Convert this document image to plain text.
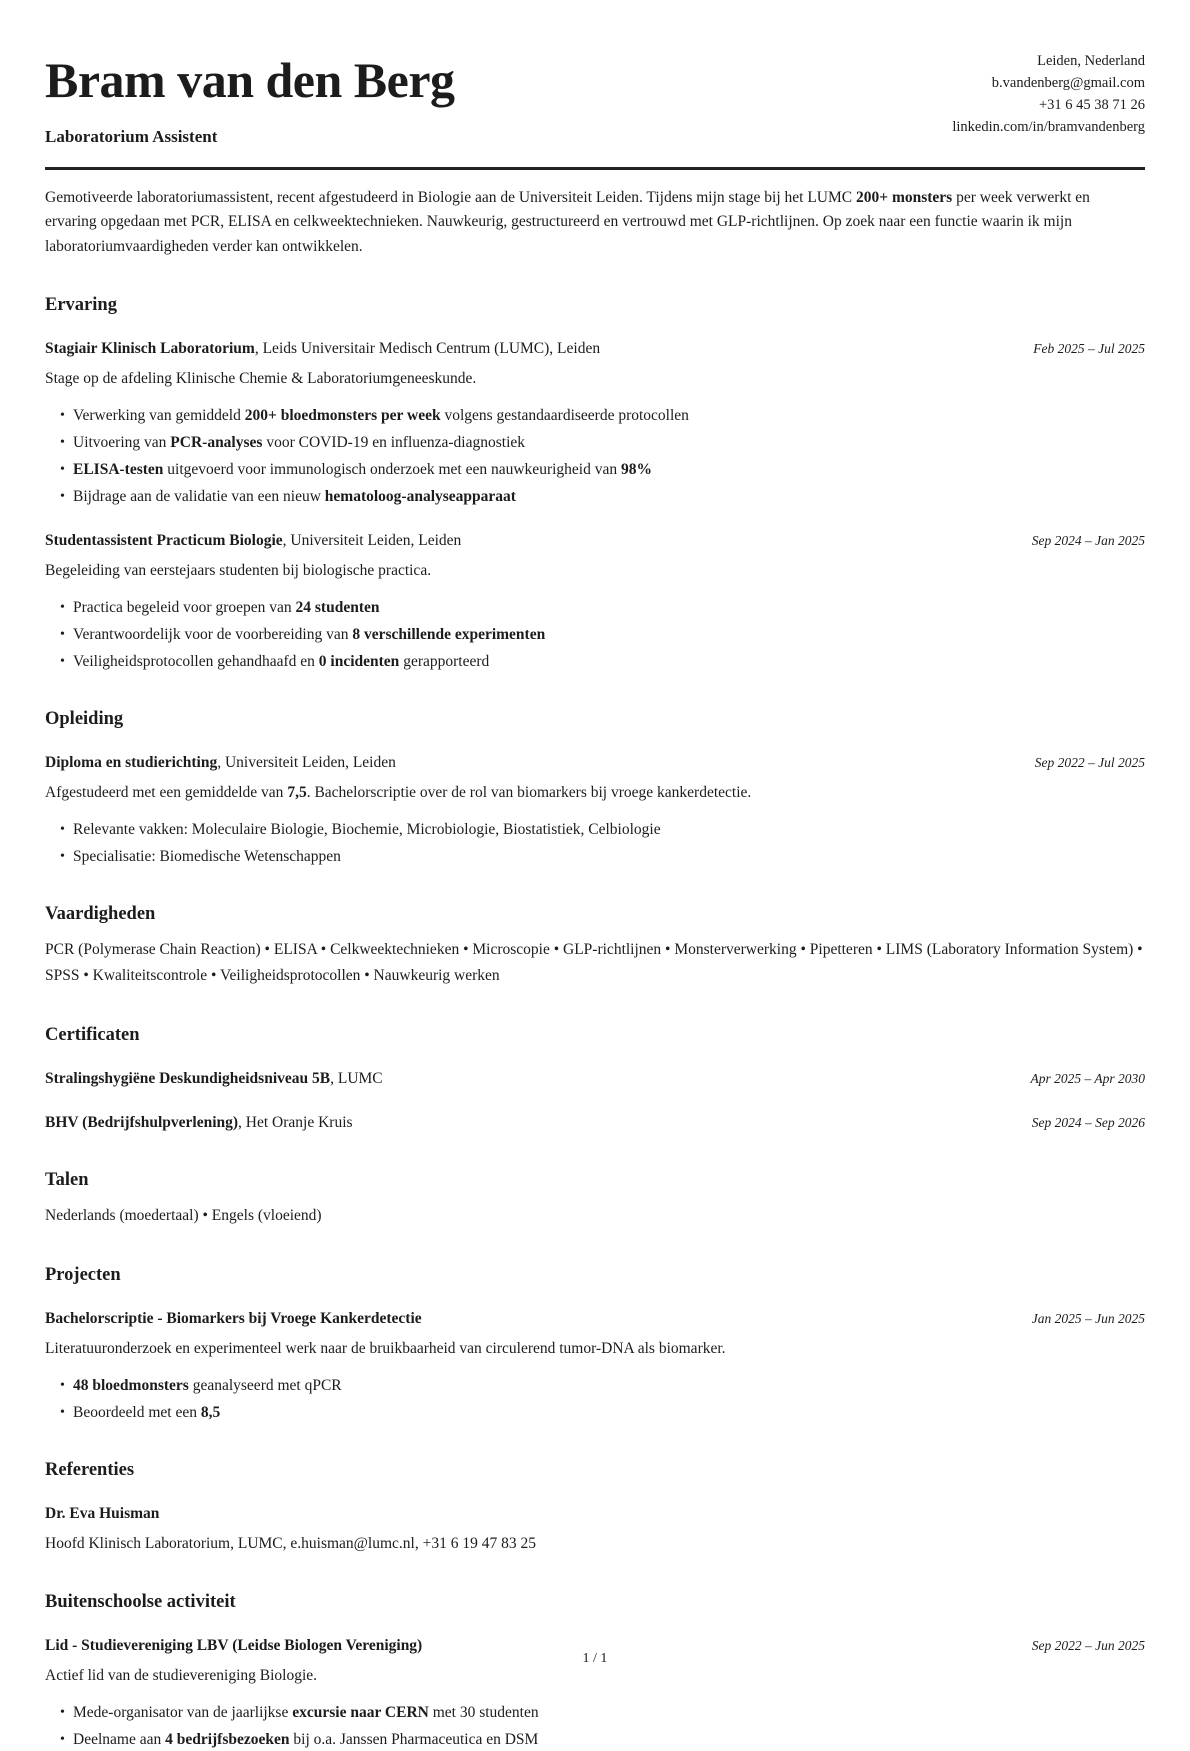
Bram van den Berg
Laboratorium Assistent
Leiden, Nederland
b.vandenberg@gmail.com
+31 6 45 38 71 26
linkedin.com/in/bramvandenberg

Gemotiveerde laboratoriumassistent, recent afgestudeerd in Biologie aan de Universiteit Leiden. Tijdens mijn stage bij het LUMC 200+ monsters per week verwerkt en ervaring opgedaan met PCR, ELISA en celkweektechnieken. Nauwkeurig, gestructureerd en vertrouwd met GLP-richtlijnen. Op zoek naar een functie waarin ik mijn laboratoriumvaardigheden verder kan ontwikkelen.

Ervaring
Stagiair Klinisch Laboratorium, Leids Universitair Medisch Centrum (LUMC), Leiden	Feb 2025 – Jul 2025

Stage op de afdeling Klinische Chemie & Laboratoriumgeneeskunde.

• Verwerking van gemiddeld 200+ bloedmonsters per week volgens gestandaardiseerde protocollen
• Uitvoering van PCR-analyses voor COVID-19 en influenza-diagnostiek
• ELISA-testen uitgevoerd voor immunologisch onderzoek met een nauwkeurigheid van 98%
• Bijdrage aan de validatie van een nieuw hematoloog-analyseapparaat
Studentassistent Practicum Biologie, Universiteit Leiden, Leiden	Sep 2024 – Jan 2025

Begeleiding van eerstejaars studenten bij biologische practica.

• Practica begeleid voor groepen van 24 studenten
• Verantwoordelijk voor de voorbereiding van 8 verschillende experimenten
• Veiligheidsprotocollen gehandhaafd en 0 incidenten gerapporteerd
Opleiding
Diploma en studierichting, Universiteit Leiden, Leiden	Sep 2022 – Jul 2025

Afgestudeerd met een gemiddelde van 7,5. Bachelorscriptie over de rol van biomarkers bij vroege kankerdetectie.

• Relevante vakken: Moleculaire Biologie, Biochemie, Microbiologie, Biostatistiek, Celbiologie
• Specialisatie: Biomedische Wetenschappen
Vaardigheden

PCR (Polymerase Chain Reaction) • ELISA • Celkweektechnieken • Microscopie • GLP-richtlijnen • Monsterverwerking • Pipetteren • LIMS (Laboratory Information System) • SPSS • Kwaliteitscontrole • Veiligheidsprotocollen • Nauwkeurig werken

Certificaten
Stralingshygiëne Deskundigheidsniveau 5B, LUMC	Apr 2025 – Apr 2030
BHV (Bedrijfshulpverlening), Het Oranje Kruis	Sep 2024 – Sep 2026
Talen

Nederlands (moedertaal) • Engels (vloeiend)

Projecten
Bachelorscriptie - Biomarkers bij Vroege Kankerdetectie	Jan 2025 – Jun 2025

Literatuuronderzoek en experimenteel werk naar de bruikbaarheid van circulerend tumor-DNA als biomarker.

• 48 bloedmonsters geanalyseerd met qPCR
• Beoordeeld met een 8,5
Referenties
Dr. Eva Huisman

Hoofd Klinisch Laboratorium, LUMC, e.huisman@lumc.nl, +31 6 19 47 83 25

Buitenschoolse activiteit
Lid - Studievereniging LBV (Leidse Biologen Vereniging)	Sep 2022 – Jun 2025

Actief lid van de studievereniging Biologie.

• Mede-organisator van de jaarlijkse excursie naar CERN met 30 studenten
• Deelname aan 4 bedrijfsbezoeken bij o.a. Janssen Pharmaceutica en DSM
1 / 1
